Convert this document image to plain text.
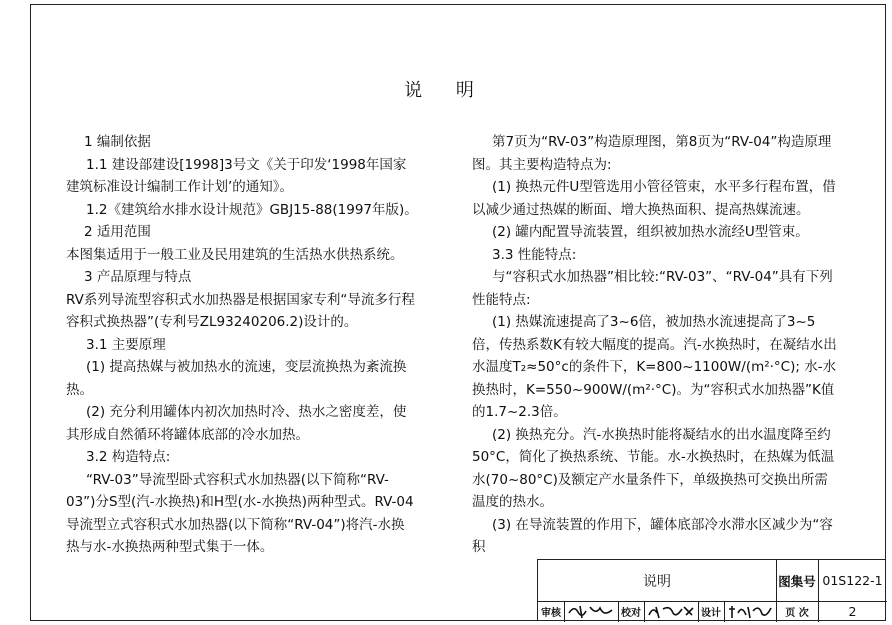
说 明

1 编制依据

1.1 建设部建设[1998]3号文《关于印发‘1998年国家建筑标准设计编制工作计划’的通知》。

1.2《建筑给水排水设计规范》GBJ15-88(1997年版)。

2 适用范围

本图集适用于一般工业及民用建筑的生活热水供热系统。

3 产品原理与特点

RV系列导流型容积式水加热器是根据国家专利“导流多行程容积式换热器”(专利号ZL93240206.2)设计的。

3.1 主要原理

(1) 提高热媒与被加热水的流速，变层流换热为紊流换热。

(2) 充分利用罐体内初次加热时冷、热水之密度差，使其形成自然循环将罐体底部的冷水加热。

3.2 构造特点:

“RV-03”导流型卧式容积式水加热器(以下简称“RV-03”)分S型(汽-水换热)和H型(水-水换热)两种型式。RV-04导流型立式容积式水加热器(以下简称“RV-04”)将汽-水换热与水-水换热两种型式集于一体。

第7页为“RV-03”构造原理图，第8页为“RV-04”构造原理图。其主要构造特点为:

(1) 换热元件U型管选用小管径管束，水平多行程布置，借以减少通过热媒的断面、增大换热面积、提高热媒流速。

(2) 罐内配置导流装置，组织被加热水流经U型管束。

3.3 性能特点:

与“容积式水加热器”相比较:“RV-03”、“RV-04”具有下列性能特点:

(1) 热媒流速提高了3~6倍，被加热水流速提高了3~5倍，传热系数K有较大幅度的提高。汽-水换热时，在凝结水出水温度T₂≈50°c的条件下，K=800~1100W/(m²·°C); 水-水换热时，K=550~900W/(m²·°C)。为“容积式水加热器”K值的1.7~2.3倍。

(2) 换热充分。汽-水换热时能将凝结水的出水温度降至约50°C，简化了换热系统、节能。水-水换热时，在热媒为低温水(70~80°C)及额定产水量条件下，单级换热可交换出所需温度的热水。

(3) 在导流装置的作用下，罐体底部冷水滞水区减少为“容积

说明	图集号 01S122-1
审核	校对	设计	页 次	2
